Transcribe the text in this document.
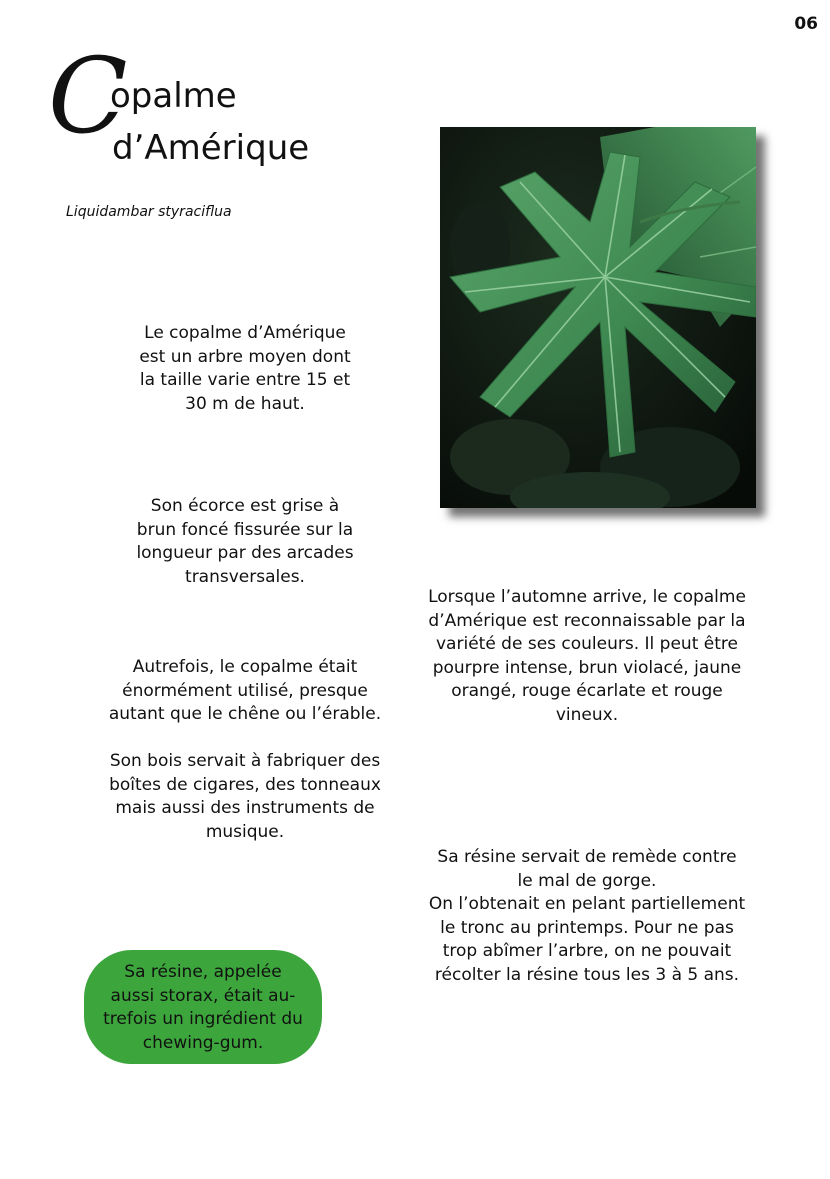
06
C
opalme
d’Amérique
Liquidambar styraciflua

Le copalme d’Amérique
est un arbre moyen dont
la taille varie entre 15 et
30 m de haut.

Son écorce est grise à
brun foncé fissurée sur la
longueur par des arcades
transversales.

Autrefois, le copalme était
énormément utilisé, presque
autant que le chêne ou l’érable.

Son bois servait à fabriquer des
boîtes de cigares, des tonneaux
mais aussi des instruments de
musique.

Lorsque l’automne arrive, le copalme
d’Amérique est reconnaissable par la
variété de ses couleurs. Il peut être
pourpre intense, brun violacé, jaune
orangé, rouge écarlate et rouge
vineux.

Sa résine servait de remède contre
le mal de gorge.
On l’obtenait en pelant partiellement
le tronc au printemps. Pour ne pas
trop abîmer l’arbre, on ne pouvait
récolter la résine tous les 3 à 5 ans.

Sa résine, appelée
aussi storax, était au-
trefois un ingrédient du
chewing-gum.
